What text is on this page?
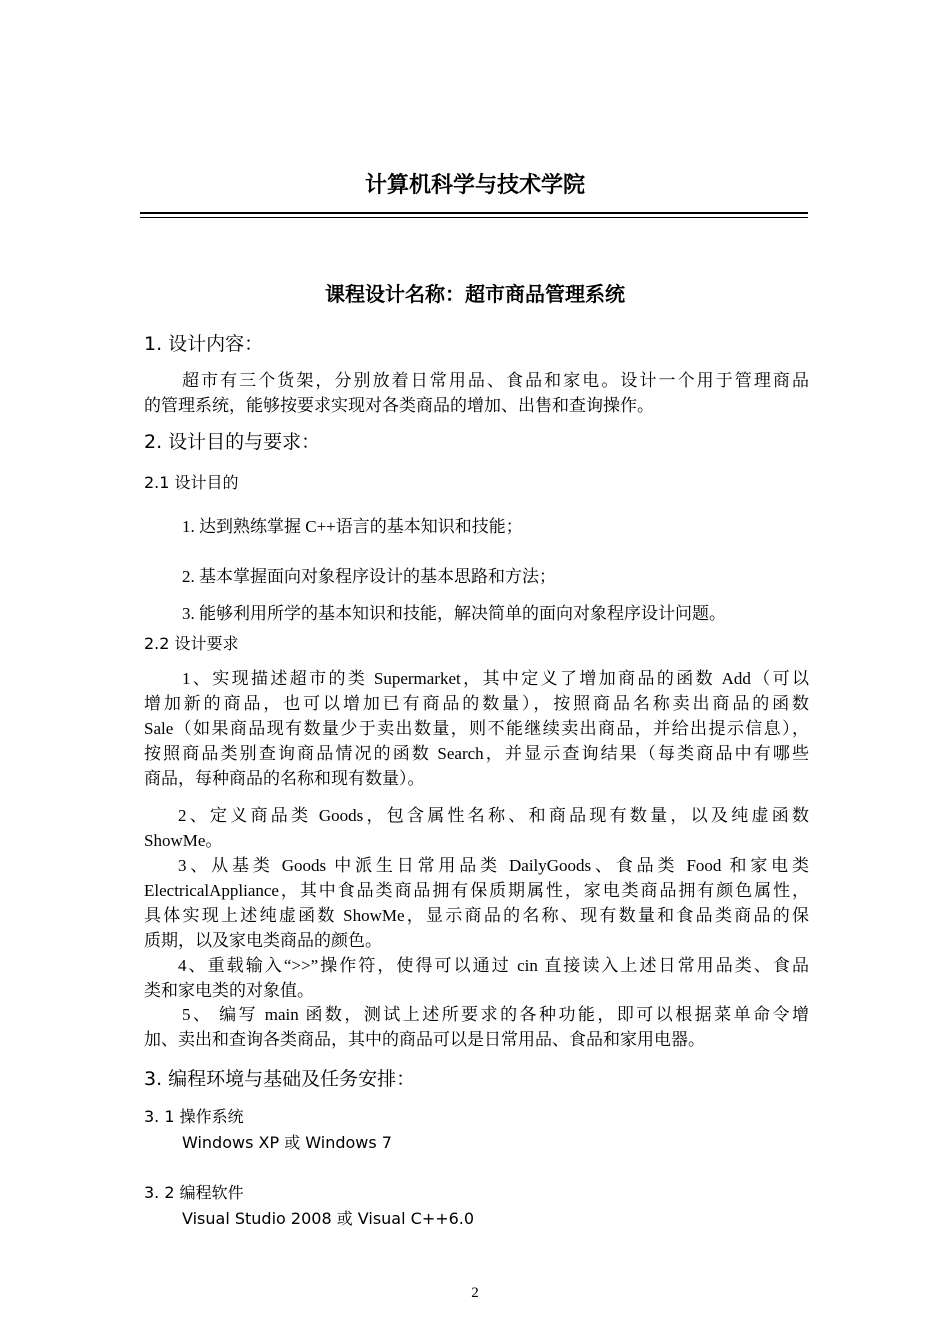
计算机科学与技术学院
课程设计名称：超市商品管理系统
1. 设计内容：
超市有三个货架，分别放着日常用品、食品和家电。设计一个用于管理商品
的管理系统，能够按要求实现对各类商品的增加、出售和查询操作。
2. 设计目的与要求：
2.1 设计目的
1. 达到熟练掌握 C++语言的基本知识和技能；
2. 基本掌握面向对象程序设计的基本思路和方法；
3. 能够利用所学的基本知识和技能，解决简单的面向对象程序设计问题。
2.2 设计要求
1、实现描述超市的类 Supermarket，其中定义了增加商品的函数 Add（可以
增加新的商品，也可以增加已有商品的数量），按照商品名称卖出商品的函数
Sale（如果商品现有数量少于卖出数量，则不能继续卖出商品，并给出提示信息），
按照商品类别查询商品情况的函数 Search，并显示查询结果（每类商品中有哪些
商品，每种商品的名称和现有数量）。
2、定义商品类 Goods，包含属性名称、和商品现有数量，以及纯虚函数
ShowMe。
3、从基类 Goods 中派生日常用品类 DailyGoods、食品类 Food 和家电类
ElectricalAppliance，其中食品类商品拥有保质期属性，家电类商品拥有颜色属性，
具体实现上述纯虚函数 ShowMe，显示商品的名称、现有数量和食品类商品的保
质期，以及家电类商品的颜色。
4、重载输入“>>”操作符，使得可以通过 cin 直接读入上述日常用品类、食品
类和家电类的对象值。
5、 编写 main 函数，测试上述所要求的各种功能，即可以根据菜单命令增
加、卖出和查询各类商品，其中的商品可以是日常用品、食品和家用电器。
3. 编程环境与基础及任务安排：
3. 1 操作系统
Windows XP 或 Windows 7
3. 2 编程软件
Visual Studio 2008 或 Visual C++6.0
2
